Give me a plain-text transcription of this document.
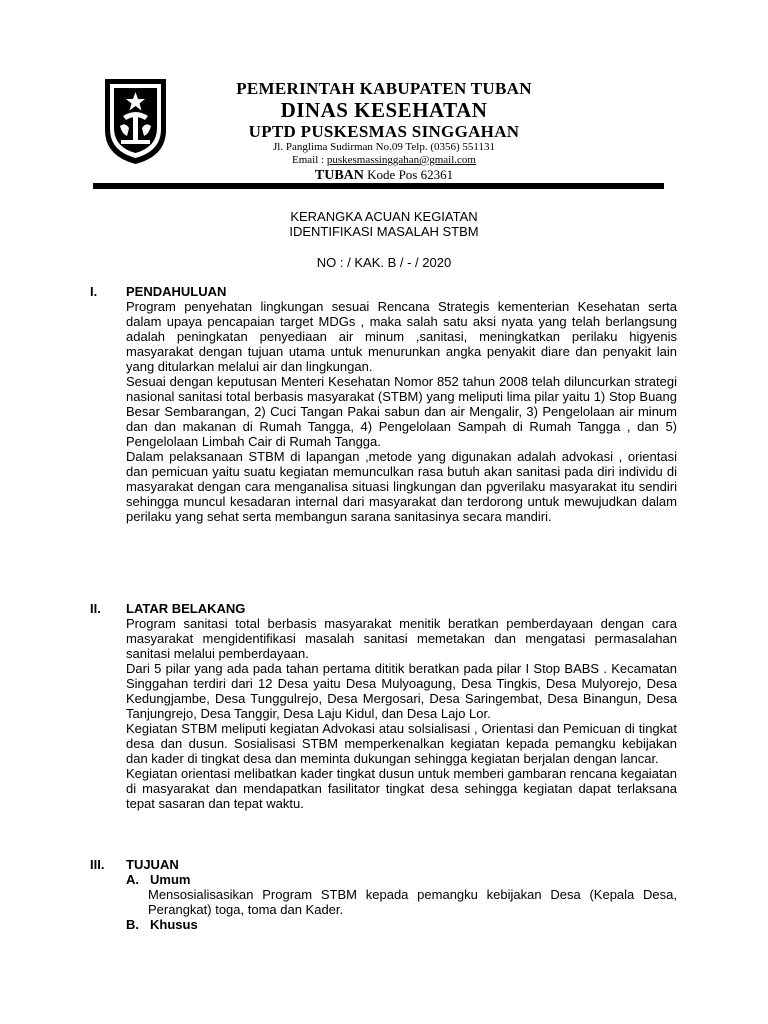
PEMERINTAH KABUPATEN TUBAN
DINAS KESEHATAN
UPTD PUSKESMAS SINGGAHAN
Jl. Panglima Sudirman No.09 Telp. (0356) 551131
Email : puskesmassinggahan@gmail.com
TUBAN Kode Pos 62361
KERANGKA ACUAN KEGIATAN
IDENTIFIKASI MASALAH STBM
NO : / KAK. B / - / 2020
I. PENDAHULUAN
Program penyehatan lingkungan sesuai Rencana Strategis kementerian Kesehatan serta dalam upaya pencapaian target MDGs , maka salah satu aksi nyata yang telah berlangsung adalah peningkatan penyediaan air minum ,sanitasi, meningkatkan perilaku higyenis masyarakat dengan tujuan utama untuk menurunkan angka penyakit diare dan penyakit lain yang ditularkan melalui air dan lingkungan.
Sesuai dengan keputusan Menteri Kesehatan Nomor 852 tahun 2008 telah diluncurkan strategi nasional sanitasi total berbasis masyarakat (STBM) yang meliputi lima pilar yaitu 1) Stop Buang Besar Sembarangan, 2) Cuci Tangan Pakai sabun dan air Mengalir, 3) Pengelolaan air minum dan dan makanan di Rumah Tangga, 4) Pengelolaan Sampah di Rumah Tangga , dan 5) Pengelolaan Limbah Cair di Rumah Tangga.
Dalam pelaksanaan STBM di lapangan ,metode yang digunakan adalah advokasi , orientasi dan pemicuan yaitu suatu kegiatan memunculkan rasa butuh akan sanitasi pada diri individu di masyarakat dengan cara menganalisa situasi lingkungan dan pgverilaku masyarakat itu sendiri sehingga muncul kesadaran internal dari masyarakat dan terdorong untuk mewujudkan dalam perilaku yang sehat serta membangun sarana sanitasinya secara mandiri.
II. LATAR BELAKANG
Program sanitasi total berbasis masyarakat menitik beratkan pemberdayaan dengan cara masyarakat mengidentifikasi masalah sanitasi memetakan dan mengatasi permasalahan sanitasi melalui pemberdayaan.
Dari 5 pilar yang ada pada tahan pertama dititik beratkan pada pilar I Stop BABS . Kecamatan Singgahan terdiri dari 12 Desa yaitu Desa Mulyoagung, Desa Tingkis, Desa Mulyorejo, Desa Kedungjambe, Desa Tunggulrejo, Desa Mergosari, Desa Saringembat, Desa Binangun, Desa Tanjungrejo, Desa Tanggir, Desa Laju Kidul, dan Desa Lajo Lor.
Kegiatan STBM meliputi kegiatan Advokasi atau solsialisasi , Orientasi dan Pemicuan di tingkat desa dan dusun. Sosialisasi STBM memperkenalkan kegiatan kepada pemangku kebijakan dan kader di tingkat desa dan meminta dukungan sehingga kegiatan berjalan dengan lancar.
Kegiatan orientasi melibatkan kader tingkat dusun untuk memberi gambaran rencana kegaiatan di masyarakat dan mendapatkan fasilitator tingkat desa sehingga kegiatan dapat terlaksana tepat sasaran dan tepat waktu.
III. TUJUAN
A. Umum
Mensosialisasikan Program STBM kepada pemangku kebijakan Desa (Kepala Desa, Perangkat) toga, toma dan Kader.
B. Khusus
